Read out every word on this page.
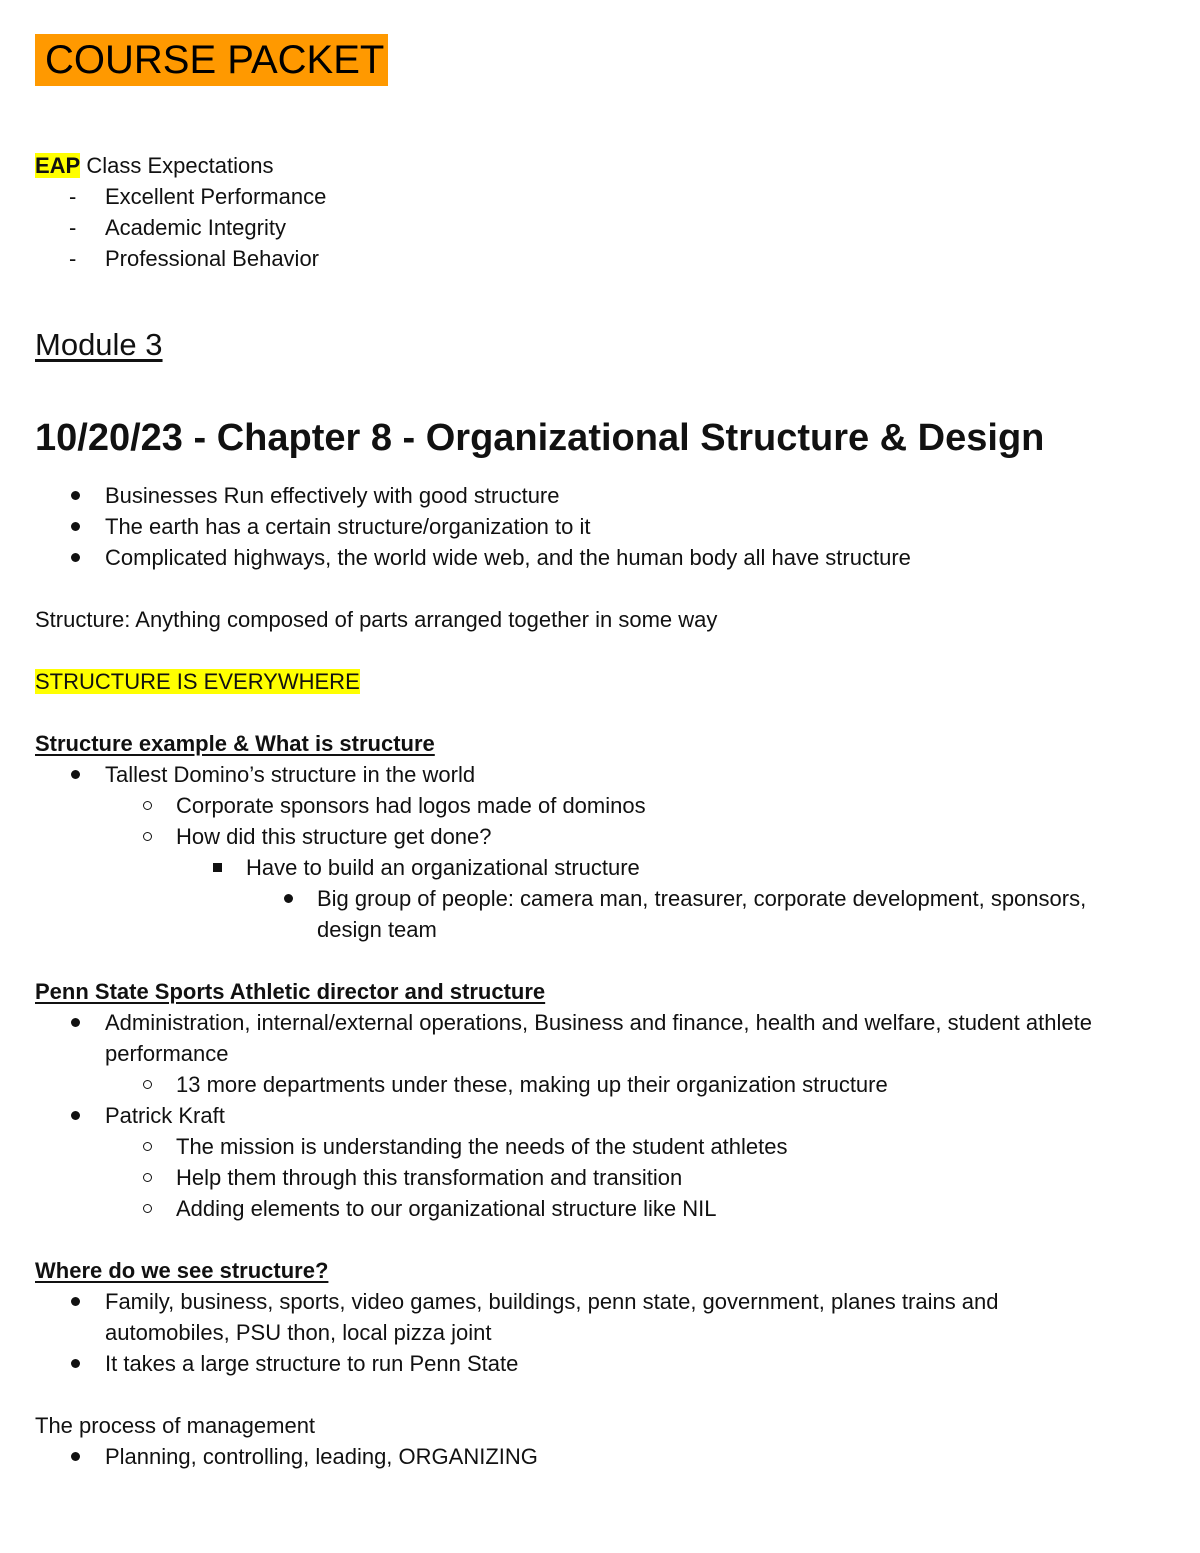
COURSE PACKET

EAP Class Expectations

- Excellent Performance
- Academic Integrity
- Professional Behavior
Module 3
10/20/23 - Chapter 8 - Organizational Structure & Design
Businesses Run effectively with good structure
The earth has a certain structure/organization to it
Complicated highways, the world wide web, and the human body all have structure

Structure: Anything composed of parts arranged together in some way

STRUCTURE IS EVERYWHERE

Structure example & What is structure

Tallest Domino’s structure in the world
Corporate sponsors had logos made of dominos
How did this structure get done?
Have to build an organizational structure
Big group of people: camera man, treasurer, corporate development, sponsors,
design team

Penn State Sports Athletic director and structure

Administration, internal/external operations, Business and finance, health and welfare, student athlete
performance
13 more departments under these, making up their organization structure
Patrick Kraft
The mission is understanding the needs of the student athletes
Help them through this transformation and transition
Adding elements to our organizational structure like NIL

Where do we see structure?

Family, business, sports, video games, buildings, penn state, government, planes trains and
automobiles, PSU thon, local pizza joint
It takes a large structure to run Penn State

The process of management

Planning, controlling, leading, ORGANIZING
